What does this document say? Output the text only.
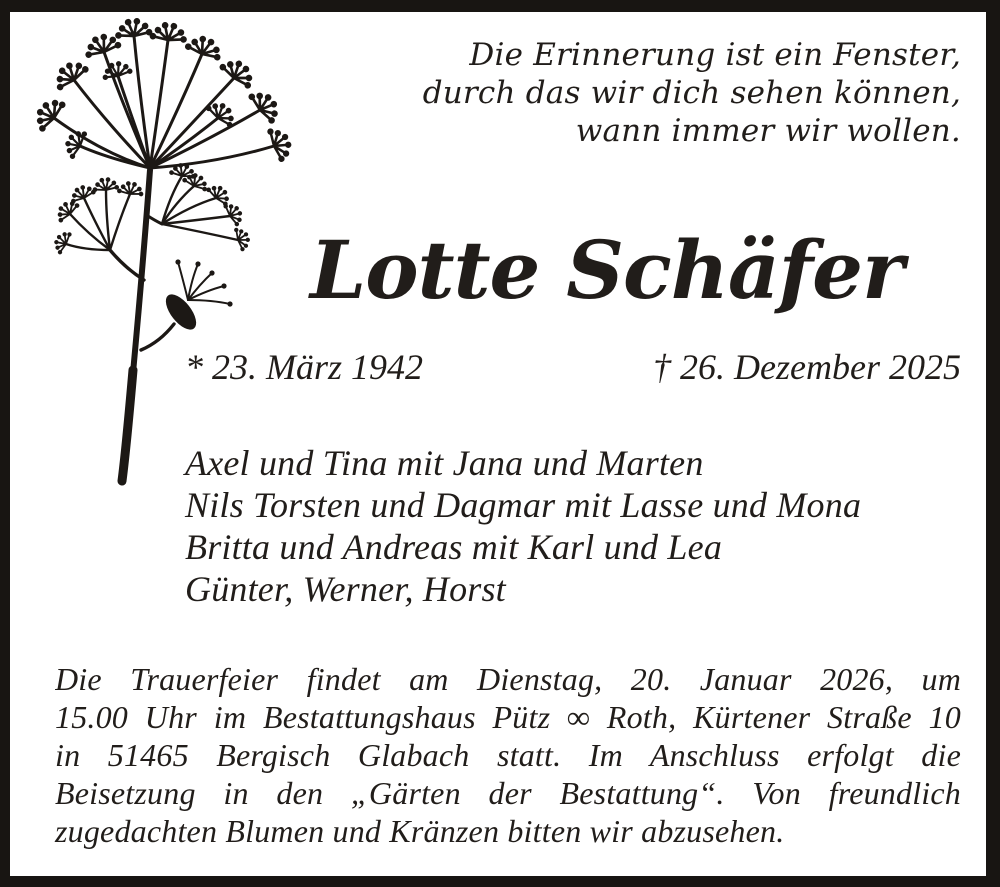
Die Erinnerung ist ein Fenster,
durch das wir dich sehen können,
wann immer wir wollen.
Lotte Schäfer
* 23. März 1942	† 26. Dezember 2025
Axel und Tina mit Jana und Marten
Nils Torsten und Dagmar mit Lasse und Mona
Britta und Andreas mit Karl und Lea
Günter, Werner, Horst
Die Trauerfeier findet am Dienstag, 20. Januar 2026, um
15.00 Uhr im Bestattungshaus Pütz ∞ Roth, Kürtener Straße 10
in 51465 Bergisch Glabach statt. Im Anschluss erfolgt die
Beisetzung in den „Gärten der Bestattung“. Von freundlich
zugedachten Blumen und Kränzen bitten wir abzusehen.
